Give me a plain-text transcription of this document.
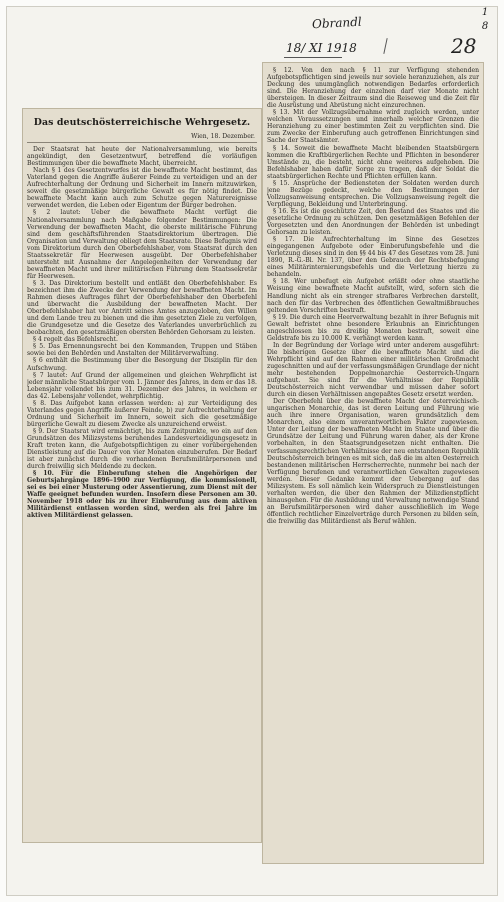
Obrandl
18/ XI 1918	28
1 8
Das deutschösterreichische Wehrgesetz.
Wien, 18. Dezember.

Der Staatsrat hat heute der Nationalversammlung, wie bereits angekündigt, den Gesetzentwurf, betreffend die vorläufigen Bestimmungen über die bewaffnete Macht, überreicht.

Nach § 1 des Gesetzentwurfes ist die bewaffnete Macht bestimmt, das Vaterland gegen die Angriffe äußerer Feinde zu verteidigen und an der Aufrechterhaltung der Ordnung und Sicherheit im Innern mitzuwirken, soweit die gesetzmäßige bürgerliche Gewalt es für nötig findet. Die bewaffnete Macht kann auch zum Schutze gegen Naturereignisse verwendet werden, die Leben oder Eigentum der Bürger bedrohen.

§ 2 lautet: Ueber die bewaffnete Macht verfügt die Nationalversammlung nach Maßgabe folgender Bestimmungen: Die Verwendung der bewaffneten Macht, die oberste militärische Führung sind dem geschäftsführenden Staatsdirektorium übertragen. Die Organisation und Verwaltung obliegt dem Staatsrate. Diese Befugnis wird vom Direktorium durch den Oberbefehlshaber, vom Staatsrat durch den Staatssekretär für Heerwesen ausgeübt. Der Oberbefehlshaber untersteht mit Ausnahme der Angelegenheiten der Verwendung der bewaffneten Macht und ihrer militärischen Führung dem Staatssekretär für Heerwesen.

§ 3. Das Direktorium bestellt und entläßt den Oberbefehlshaber. Es bezeichnet ihm die Zwecke der Verwendung der bewaffneten Macht. Im Rahmen dieses Auftrages führt der Oberbefehlshaber den Oberbefehl und überwacht die Ausbildung der bewaffneten Macht. Der Oberbefehlshaber hat vor Antritt seines Amtes anzugeloben, den Willen und dem Lande treu zu bienen und die ihm gesetzten Ziele zu verfolgen, die Grundgesetze und die Gesetze des Vaterlandes unverbrüchlich zu beobachten, den gesetzmäßigen obersten Behörden Gehorsam zu leisten.

§ 4 regelt das Befehlsrecht.

§ 5. Das Ernennungsrecht bei den Kommanden, Truppen und Stäben sowie bei den Behörden und Anstalten der Militärverwaltung.

§ 6 enthält die Bestimmung über die Besorgung der Disziplin für den Aufschwung.

§ 7 lautet: Auf Grund der allgemeinen und gleichen Wehrpflicht ist jeder männliche Staatsbürger vom 1. Jänner des Jahres, in dem er das 18. Lebensjahr vollendet bis zum 31. Dezember des Jahres, in welchem er das 42. Lebensjahr vollendet, wehrpflichtig.

§ 8. Das Aufgebot kann erlassen werden: a) zur Verteidigung des Vaterlandes gegen Angriffe äußerer Feinde, b) zur Aufrechterhaltung der Ordnung und Sicherheit im Innern, soweit sich die gesetzmäßige bürgerliche Gewalt zu diesem Zwecke als unzureichend erweist.

§ 9. Der Staatsrat wird ermächtigt, bis zum Zeitpunkte, wo ein auf den Grundsätzen des Milizsystems beruhendes Landesverteidigungsgesetz in Kraft treten kann, die Aufgebotspflichtigen zu einer vorübergehenden Dienstleistung auf die Dauer von vier Monaten einzuberufen. Der Bedarf ist aber zunächst durch die vorhandenen Berufsmilitärpersonen und durch freiwillig sich Meldende zu decken.

§ 10. Für die Einberufung stehen die Angehörigen der Geburtsjahrgänge 1896–1900 zur Verfügung, die kommissionell, sei es bei einer Musterung oder Assentierung, zum Dienst mit der Waffe geeignet befunden wurden. Insofern diese Personen am 30. November 1918 oder bis zu ihrer Einberufung aus dem aktiven Militärdienst entlassen worden sind, werden als frei Jahre im aktiven Militärdienst gelassen.

§ 12. Von den nach § 11 zur Verfügung stehenden Aufgebotspflichtigen sind jeweils nur soviele heranzuziehen, als zur Deckung des unumgänglich notwendigen Bedarfes erforderlich sind. Die Heranziehung der einzelnen darf vier Monate nicht übersteigen. In dieser Zeitraum sind die Reiseweg und die Zeit für die Ausrüstung und Abrüstung nicht einzurechnen.

§ 13. Mit der Vollzugsübernahme wird zugleich werden, unter welchen Voraussetzungen und innerhalb welcher Grenzen die Heranziehung zu einer bestimmten Zeit zu verpflichten sind. Die zum Zwecke der Einberufung auch getroffenen Einrichtungen sind Sache der Staatsämter.

§ 14. Soweit die bewaffnete Macht bleibenden Staatsbürgern kommen die Kraftbürgerlichen Rechte und Pflichten in besonderer Umstände zu, die besteht, nicht ohne weiteres aufgehoben. Die Befehlshaber haben dafür Sorge zu tragen, daß der Soldat die staatsbürgerlichen Rechte und Pflichten erfüllen kann.

§ 15. Ansprüche der Bediensteten der Soldaten werden durch jene Bezüge gedeckt, welche den Bestimmungen der Vollzugsanweisung entsprechen. Die Vollzugsanweisung regelt die Verpflegung, Bekleidung und Unterbringung.

§ 16. Es ist die geschützte Zeit, den Bestand des Staates und die gesetzliche Ordnung zu schützen. Den gesetzmäßigen Befehlen der Vorgesetzten und den Anordnungen der Behörden ist unbedingt Gehorsam zu leisten.

§ 17. Die Aufrechterhaltung im Sinne des Gesetzes eingegangenen Aufgebote oder Einberufungsbefehle und die Verletzung dieses sind in den §§ 44 bis 47 des Gesetzes vom 28. Juni 1890, R.-G.-Bl. Nr. 137, über den Gebrauch der Rechtsbefugung eines Militärinternierungsbefehls und die Verletzung hierzu zu behandeln.

§ 18. Wer unbefugt ein Aufgebot erläßt oder ohne staatliche Weisung eine bewaffnete Macht aufstellt, wird, sofern sich die Handlung nicht als ein strenger strafbares Verbrechen darstellt, nach den für das Verbrechen des öffentlichen Gewaltmißbrauches geltenden Vorschriften bestraft.

§ 19. Die durch eine Heerverwaltung bezahlt in ihrer Befugnis mit Gewalt befristet ohne besondere Erlaubnis an Einrichtungen angeschlossen bis zu dreißig Monaten bestraft, soweit eine Geldstrafe bis zu 10.000 K. verhängt werden kann.

In der Begründung der Vorlage wird unter anderem ausgeführt: Die bisherigen Gesetze über die bewaffnete Macht und die Wehrpflicht sind auf den Rahmen einer militärischen Großmacht zugeschnitten und auf der verfassungsmäßigen Grundlage der nicht mehr bestehenden Doppelmonarchie Oesterreich-Ungarn aufgebaut. Sie sind für die Verhältnisse der Republik Deutschösterreich nicht verwendbar und müssen daher sofort durch ein diesen Verhältnissen angepaßtes Gesetz ersetzt werden.

Der Oberbefehl über die bewaffnete Macht der österreichisch-ungarischen Monarchie, das ist deren Leitung und Führung wie auch ihre innere Organisation, waren grundsätzlich dem Monarchen, also einem unverantwortlichen Faktor zugewiesen. Unter der Leitung der bewaffneten Macht im Staate und über die Grundsätze der Leitung und Führung waren daher, als der Krone vorbehalten, in den Staatsgrundgesetzen nicht enthalten. Die verfassungsrechtlichen Verhältnisse der neu entstandenen Republik Deutschösterreich bringen es mit sich, daß die im alten Oesterreich bestandenen militärischen Herrscherrechte, nunmehr bei nach der Verfügung berufenen und verantwortlichen Gewalten zugewiesen werden. Dieser Gedanke kommt der Uebergang auf das Milizsystem. Es soll nämlich kein Widerspruch zu Dienstleistungen verhalten werden, die über den Rahmen der Milizdienstpflicht hinausgehen. Für die Ausbildung und Verwaltung notwendige Stand an Berufsmilitärpersonen wird daher ausschließlich im Wege öffentlich rechtlicher Einzelverträge durch Personen zu bilden sein, die freiwillig das Militärdienst als Beruf wählen.
